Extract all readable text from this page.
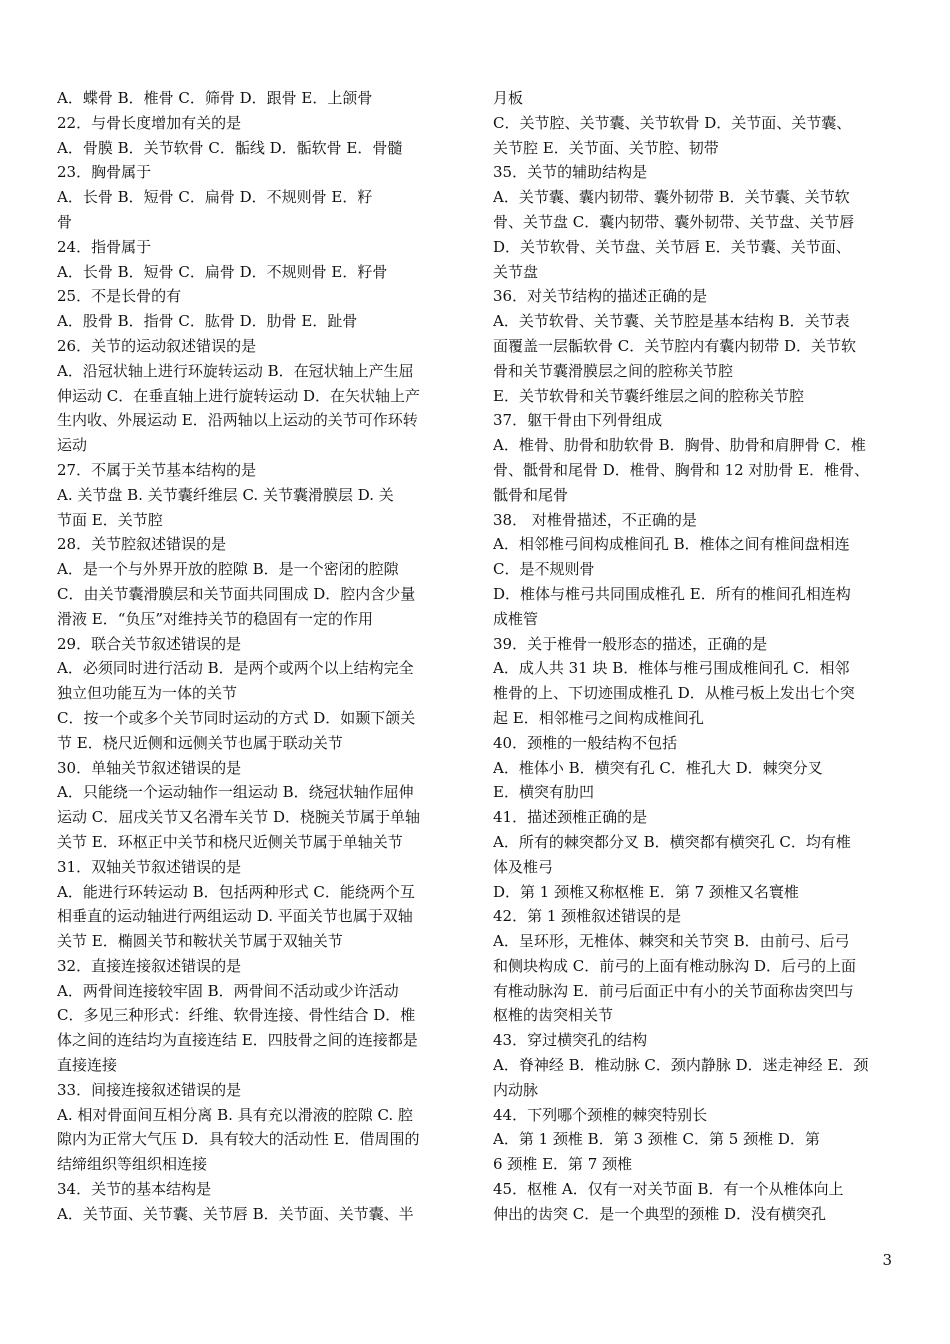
A．蝶骨 B．椎骨 C．筛骨 D．跟骨 E．上颌骨
22．与骨长度增加有关的是
A．骨膜 B．关节软骨 C．骺线 D．骺软骨 E．骨髓
23．胸骨属于
A．长骨 B．短骨 C．扁骨 D．不规则骨 E．籽
骨
24．指骨属于
A．长骨 B．短骨 C．扁骨 D．不规则骨 E．籽骨
25．不是长骨的有
A．股骨 B．指骨 C．肱骨 D．肋骨 E．趾骨
26．关节的运动叙述错误的是
A．沿冠状轴上进行环旋转运动 B．在冠状轴上产生屈
伸运动 C．在垂直轴上进行旋转运动 D．在矢状轴上产
生内收、外展运动 E．沿两轴以上运动的关节可作环转
运动
27．不属于关节基本结构的是
A. 关节盘 B. 关节囊纤维层 C. 关节囊滑膜层 D. 关
节面 E．关节腔
28．关节腔叙述错误的是
A．是一个与外界开放的腔隙 B．是一个密闭的腔隙
C．由关节囊滑膜层和关节面共同围成 D．腔内含少量
滑液 E．“负压”对维持关节的稳固有一定的作用
29．联合关节叙述错误的是
A．必须同时进行活动 B．是两个或两个以上结构完全
独立但功能互为一体的关节
C．按一个或多个关节同时运动的方式 D．如颞下颌关
节 E．桡尺近侧和远侧关节也属于联动关节
30．单轴关节叙述错误的是
A．只能绕一个运动轴作一组运动 B．绕冠状轴作屈伸
运动 C．屈戌关节又名滑车关节 D．桡腕关节属于单轴
关节 E．环枢正中关节和桡尺近侧关节属于单轴关节
31．双轴关节叙述错误的是
A．能进行环转运动 B．包括两种形式 C．能绕两个互
相垂直的运动轴进行两组运动 D. 平面关节也属于双轴
关节 E．椭圆关节和鞍状关节属于双轴关节
32．直接连接叙述错误的是
A．两骨间连接较牢固 B．两骨间不活动或少许活动
C．多见三种形式：纤维、软骨连接、骨性结合 D．椎
体之间的连结均为直接连结 E．四肢骨之间的连接都是
直接连接
33．间接连接叙述错误的是
A. 相对骨面间互相分离 B. 具有充以滑液的腔隙 C. 腔
隙内为正常大气压 D．具有较大的活动性 E．借周围的
结缔组织等组织相连接
34．关节的基本结构是
A．关节面、关节囊、关节唇 B．关节面、关节囊、半
月板
C．关节腔、关节囊、关节软骨 D．关节面、关节囊、
关节腔 E．关节面、关节腔、韧带
35．关节的辅助结构是
A．关节囊、囊内韧带、囊外韧带 B．关节囊、关节软
骨、关节盘 C．囊内韧带、囊外韧带、关节盘、关节唇
D．关节软骨、关节盘、关节唇 E．关节囊、关节面、
关节盘
36．对关节结构的描述正确的是
A．关节软骨、关节囊、关节腔是基本结构 B．关节表
面覆盖一层骺软骨 C．关节腔内有囊内韧带 D．关节软
骨和关节囊滑膜层之间的腔称关节腔
E．关节软骨和关节囊纤维层之间的腔称关节腔
37．躯干骨由下列骨组成
A．椎骨、肋骨和肋软骨 B．胸骨、肋骨和肩胛骨 C．椎
骨、骶骨和尾骨 D．椎骨、胸骨和 12 对肋骨 E．椎骨、
骶骨和尾骨
38． 对椎骨描述，不正确的是
A．相邻椎弓间构成椎间孔 B．椎体之间有椎间盘相连
C．是不规则骨
D．椎体与椎弓共同围成椎孔 E．所有的椎间孔相连构
成椎管
39．关于椎骨一般形态的描述，正确的是
A．成人共 31 块 B．椎体与椎弓围成椎间孔 C．相邻
椎骨的上、下切迹围成椎孔 D．从椎弓板上发出七个突
起 E．相邻椎弓之间构成椎间孔
40．颈椎的一般结构不包括
A．椎体小 B．横突有孔 C．椎孔大 D．棘突分叉
E．横突有肋凹
41．描述颈椎正确的是
A．所有的棘突都分叉 B．横突都有横突孔 C．均有椎
体及椎弓
D．第 1 颈椎又称枢椎 E．第 7 颈椎又名寰椎
42．第 1 颈椎叙述错误的是
A．呈环形，无椎体、棘突和关节突 B．由前弓、后弓
和侧块构成 C．前弓的上面有椎动脉沟 D．后弓的上面
有椎动脉沟 E．前弓后面正中有小的关节面称齿突凹与
枢椎的齿突相关节
43．穿过横突孔的结构
A．脊神经 B．椎动脉 C．颈内静脉 D．迷走神经 E．颈
内动脉
44．下列哪个颈椎的棘突特别长
A．第 1 颈椎 B．第 3 颈椎 C．第 5 颈椎 D．第
6 颈椎 E．第 7 颈椎
45．枢椎 A．仅有一对关节面 B．有一个从椎体向上
伸出的齿突 C．是一个典型的颈椎 D．没有横突孔
3
